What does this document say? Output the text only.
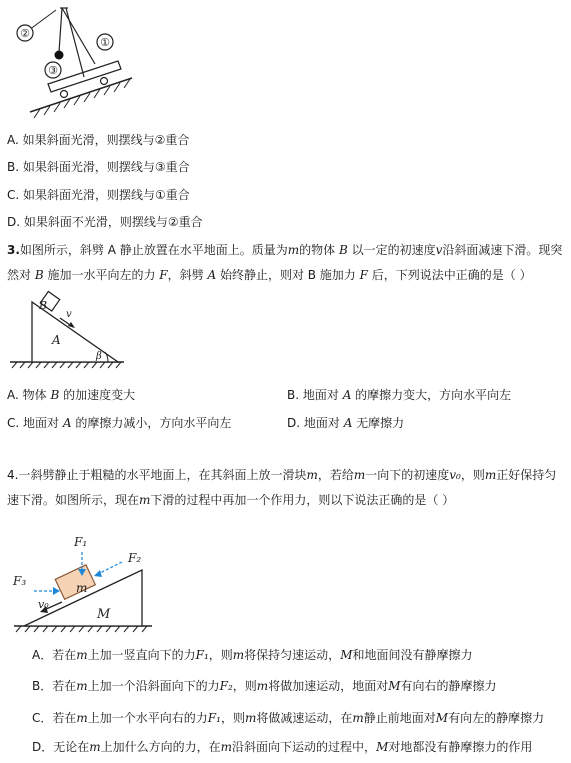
②
①
③
A. 如果斜面光滑，则摆线与②重合
B. 如果斜面光滑，则摆线与③重合
C. 如果斜面光滑，则摆线与①重合
D. 如果斜面不光滑，则摆线与②重合
3.如图所示，斜劈 A 静止放置在水平地面上。质量为m的物体 B 以一定的初速度v沿斜面减速下滑。现突
然对 B 施加一水平向左的力 F，斜劈 A 始终静止，则对 B 施加力 F 后，下列说法中正确的是（ ）
B
v
A
β
A. 物体 B 的加速度变大	B. 地面对 A 的摩擦力变大，方向水平向左
C. 地面对 A 的摩擦力减小，方向水平向左	D. 地面对 A 无摩擦力
4.一斜劈静止于粗糙的水平地面上，在其斜面上放一滑块m，若给m一向下的初速度v₀，则m正好保持匀
速下滑。如图所示，现在m下滑的过程中再加一个作用力，则以下说法正确的是（ ）
F₁
F₂
F₃	m
v₀
M
A．若在m上加一竖直向下的力F₁，则m将保持匀速运动，M和地面间没有静摩擦力
B．若在m上加一个沿斜面向下的力F₂，则m将做加速运动，地面对M有向右的静摩擦力
C．若在m上加一个水平向右的力F₁，则m将做减速运动，在m静止前地面对M有向左的静摩擦力
D．无论在m上加什么方向的力，在m沿斜面向下运动的过程中，M对地都没有静摩擦力的作用
